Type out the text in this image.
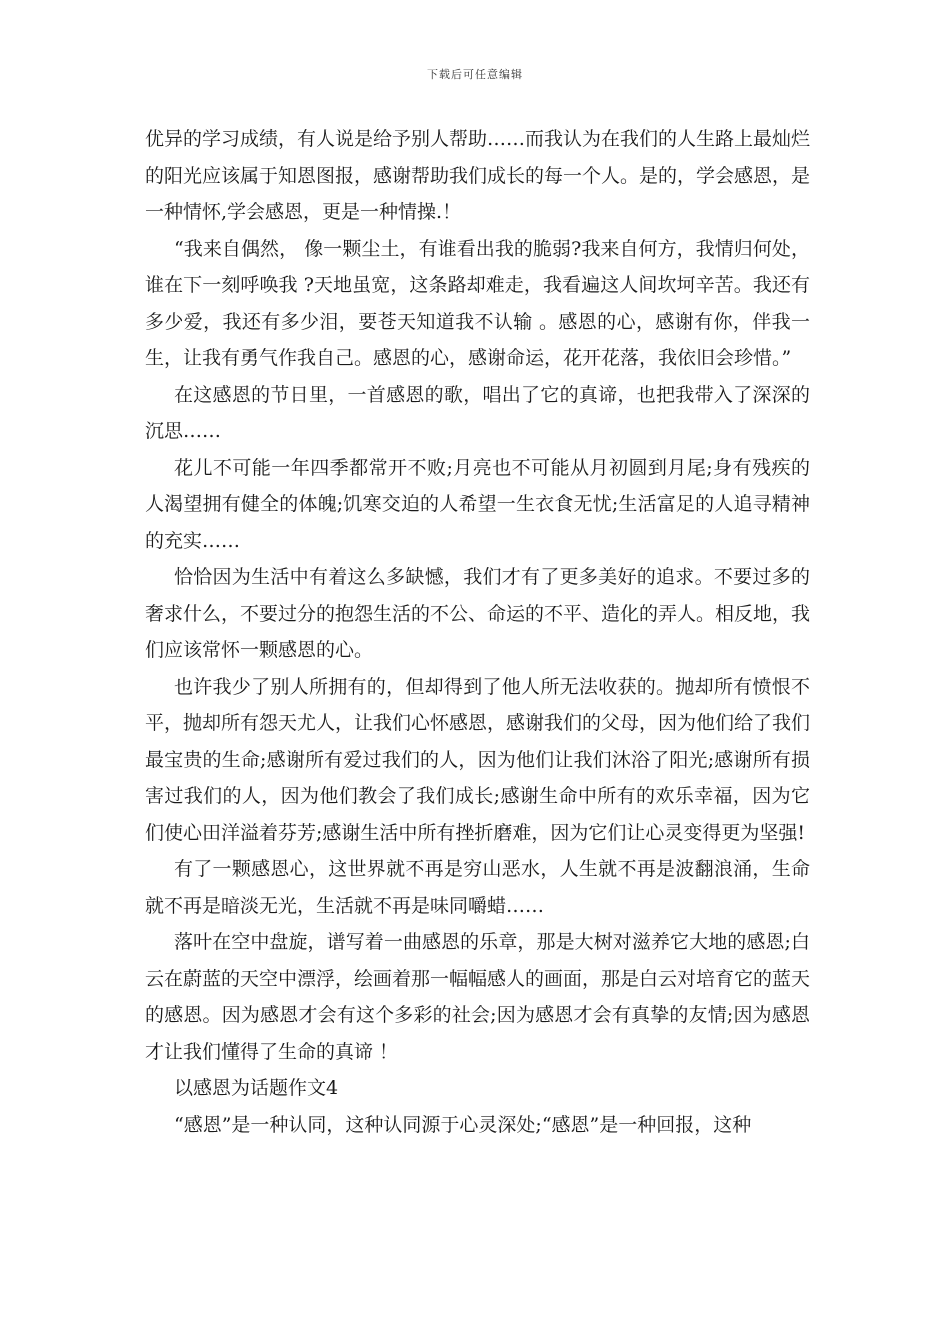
下载后可任意编辑

优异的学习成绩，有人说是给予别人帮助……而我认为在我们的人生路上最灿烂的阳光应该属于知恩图报，感谢帮助我们成长的每一个人。是的，学会感恩，是一种情怀,学会感恩，更是一种情操.！

“我来自偶然， 像一颗尘土，有谁看出我的脆弱?我来自何方，我情归何处，谁在下一刻呼唤我 ?天地虽宽，这条路却难走，我看遍这人间坎坷辛苦。我还有多少爱，我还有多少泪，要苍天知道我不认输 。感恩的心，感谢有你，伴我一生，让我有勇气作我自己。感恩的心，感谢命运，花开花落，我依旧会珍惜。”

在这感恩的节日里，一首感恩的歌，唱出了它的真谛，也把我带入了深深的沉思……

花儿不可能一年四季都常开不败;月亮也不可能从月初圆到月尾;身有残疾的人渴望拥有健全的体魄;饥寒交迫的人希望一生衣食无忧;生活富足的人追寻精神的充实……

恰恰因为生活中有着这么多缺憾，我们才有了更多美好的追求。不要过多的奢求什么，不要过分的抱怨生活的不公、命运的不平、造化的弄人。相反地，我们应该常怀一颗感恩的心。

也许我少了别人所拥有的，但却得到了他人所无法收获的。抛却所有愤恨不平，抛却所有怨天尤人，让我们心怀感恩，感谢我们的父母，因为他们给了我们最宝贵的生命;感谢所有爱过我们的人，因为他们让我们沐浴了阳光;感谢所有损害过我们的人，因为他们教会了我们成长;感谢生命中所有的欢乐幸福，因为它们使心田洋溢着芬芳;感谢生活中所有挫折磨难，因为它们让心灵变得更为坚强!

有了一颗感恩心，这世界就不再是穷山恶水，人生就不再是波翻浪涌，生命就不再是暗淡无光，生活就不再是味同嚼蜡……

落叶在空中盘旋，谱写着一曲感恩的乐章，那是大树对滋养它大地的感恩;白云在蔚蓝的天空中漂浮，绘画着那一幅幅感人的画面，那是白云对培育它的蓝天的感恩。因为感恩才会有这个多彩的社会;因为感恩才会有真挚的友情;因为感恩才让我们懂得了生命的真谛 ！

以感恩为话题作文4

“感恩”是一种认同，这种认同源于心灵深处;“感恩”是一种回报，这种
